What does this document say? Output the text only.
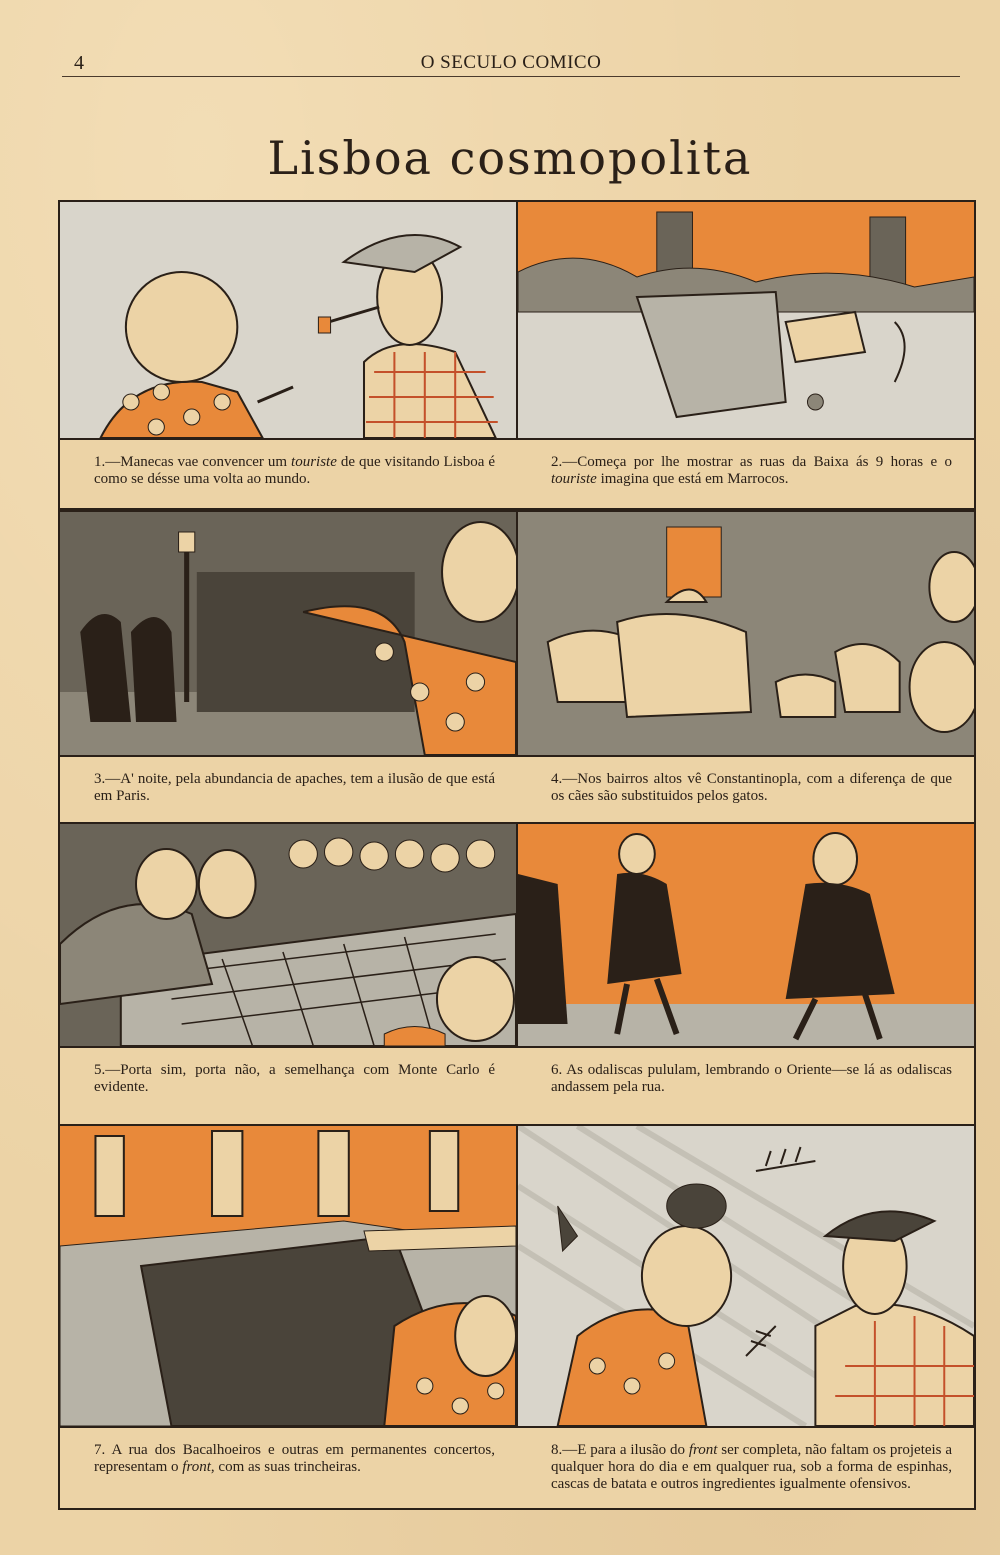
4	O SECULO COMICO
Lisboa cosmopolita
1.—Manecas vae convencer um touriste de que visitando Lisboa é como se désse uma volta ao mundo.
2.—Começa por lhe mostrar as ruas da Baixa ás 9 horas e o touriste imagina que está em Marrocos.
3.—A' noite, pela abundancia de apaches, tem a ilusão de que está em Paris.
4.—Nos bairros altos vê Constantinopla, com a diferença de que os cães são substituidos pelos gatos.
5.—Porta sim, porta não, a semelhança com Monte Carlo é evidente.
6. As odaliscas pululam, lembrando o Oriente—se lá as odaliscas andassem pela rua.
7. A rua dos Bacalhoeiros e outras em permanentes concertos, representam o front, com as suas trincheiras.
8.—E para a ilusão do front ser completa, não faltam os projeteis a qualquer hora do dia e em qualquer rua, sob a forma de espinhas, cascas de batata e outros ingredientes igualmente ofensivos.
